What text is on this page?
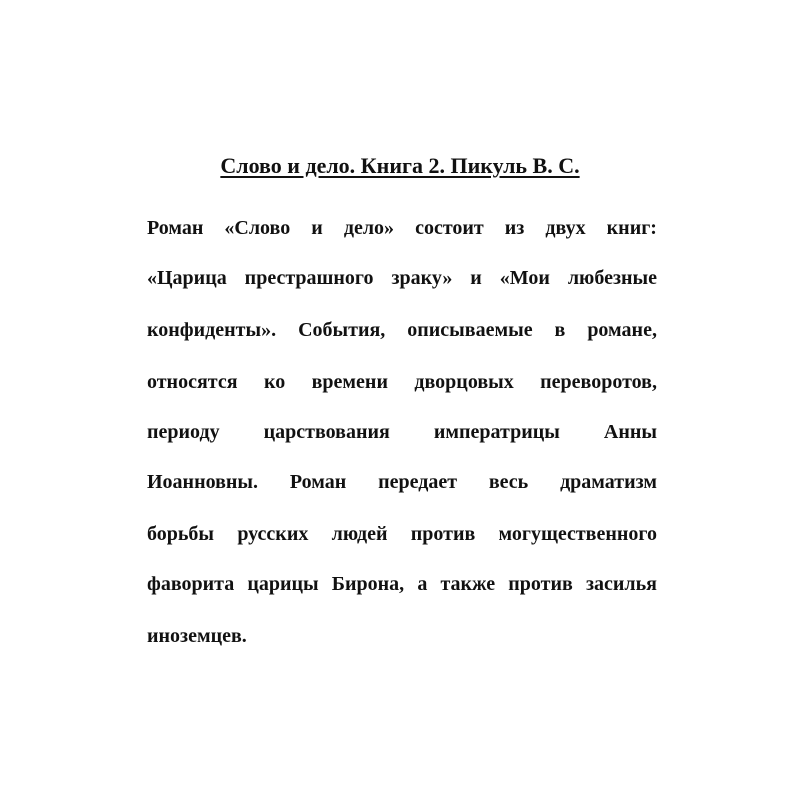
Слово и дело. Книга 2. Пикуль В. С.

Роман «Слово и дело» состоит из двух книг:

«Царица престрашного зраку» и «Мои любезные

конфиденты». События, описываемые в романе,

относятся ко времени дворцовых переворотов,

периоду царствования императрицы Анны

Иоанновны. Роман передает весь драматизм

борьбы русских людей против могущественного

фаворита царицы Бирона, а также против засилья

иноземцев.
